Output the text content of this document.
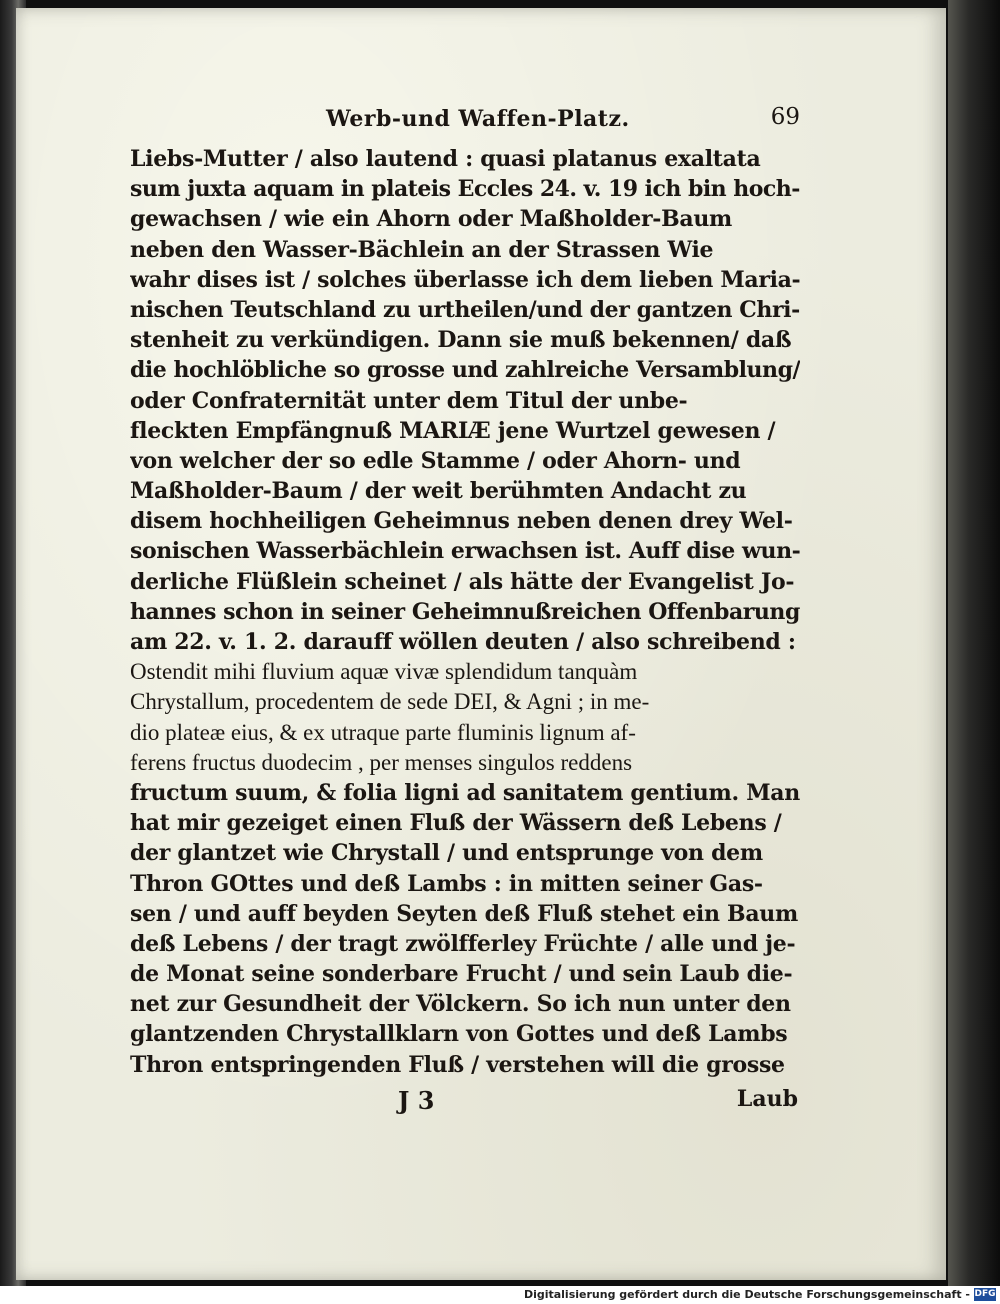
Werb-und Waffen-Platz.	69
Liebs-Mutter / also lautend : quasi platanus exaltata
sum juxta aquam in plateis Eccles 24. v. 19 ich bin hoch-
gewachsen / wie ein Ahorn oder Maßholder-Baum
neben den Wasser-Bächlein an der Strassen Wie
wahr dises ist / solches überlasse ich dem lieben Maria-
nischen Teutschland zu urtheilen/und der gantzen Chri-
stenheit zu verkündigen. Dann sie muß bekennen/ daß
die hochlöbliche so grosse und zahlreiche Versamblung/
oder Confraternität unter dem Titul der unbe-
fleckten Empfängnuß MARIÆ jene Wurtzel gewesen /
von welcher der so edle Stamme / oder Ahorn- und
Maßholder-Baum / der weit berühmten Andacht zu
disem hochheiligen Geheimnus neben denen drey Wel-
sonischen Wasserbächlein erwachsen ist. Auff dise wun-
derliche Flüßlein scheinet / als hätte der Evangelist Jo-
hannes schon in seiner Geheimnußreichen Offenbarung
am 22. v. 1. 2. darauff wöllen deuten / also schreibend :
Ostendit mihi fluvium aquæ vivæ splendidum tanquàm
Chrystallum, procedentem de sede DEI, & Agni ; in me-
dio plateæ eius, & ex utraque parte fluminis lignum af-
ferens fructus duodecim , per menses singulos reddens
fructum suum, & folia ligni ad sanitatem gentium. Man
hat mir gezeiget einen Fluß der Wässern deß Lebens /
der glantzet wie Chrystall / und entsprunge von dem
Thron GOttes und deß Lambs : in mitten seiner Gas-
sen / und auff beyden Seyten deß Fluß stehet ein Baum
deß Lebens / der tragt zwölfferley Früchte / alle und je-
de Monat seine sonderbare Frucht / und sein Laub die-
net zur Gesundheit der Völckern. So ich nun unter den
glantzenden Chrystallklarn von Gottes und deß Lambs
Thron entspringenden Fluß / verstehen will die grosse
J 3	Laub
Digitalisierung gefördert durch die Deutsche Forschungsgemeinschaft - DFG
